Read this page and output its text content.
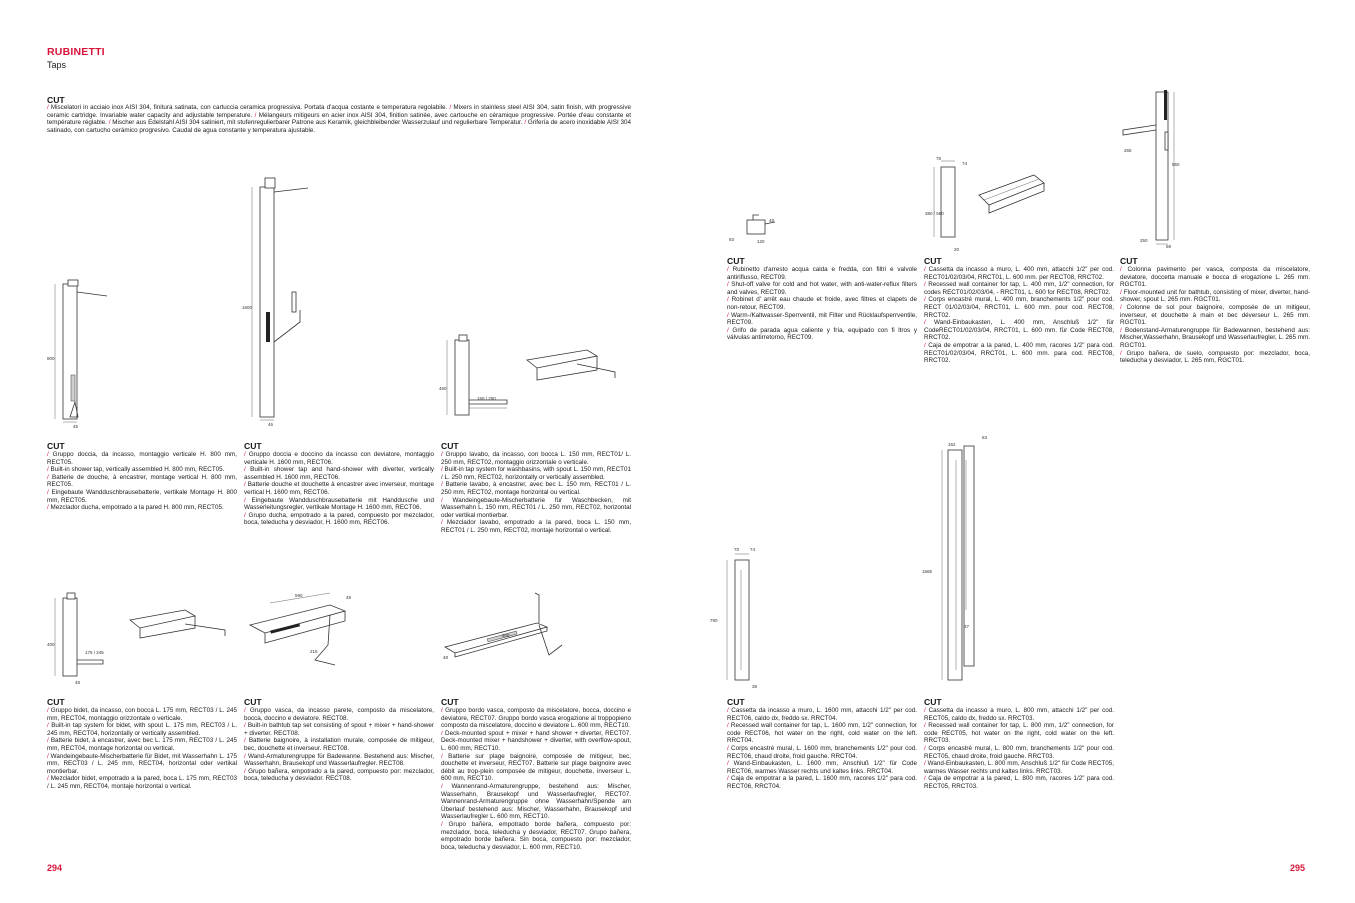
RUBINETTI
Taps
CUT
/ Miscelatori in acciaio inox AISI 304, finitura satinata, con cartuccia ceramica progressiva. Portata d'acqua costante e temperatura regolabile. / Mixers in stainless steel AISI 304, satin finish, with progressive ceramic cartridge. Invariable water capacity and adjustable temperature. / Mélangeurs mitigeurs en acier inox AISI 304, finition satinée, avec cartouche en céramique progressive. Portée d'eau constante et température réglable. / Mischer aus Edelstahl AISI 304 satiniert, mit stufenregulierbarer Patrone aus Keramik, gleichbleibender Wasserzulauf und regulierbare Temperatur. / Grifería de acero inoxidable AISI 304 satinado, con cartucho cerámico progresivo. Caudal de agua constante y temperatura ajustable.
800
45
1600
46
460
150 / 250
400
175 / 245
48
590
215
48
600
48
48
93	120
78
74
380 / 580
20
265
850
250
58
70 74
790
38
63
162
1585
37
CUT
/ Gruppo doccia, da incasso, montaggio verticale H. 800 mm, RECT05.
/ Built-in shower tap, vertically assembled H. 800 mm, RECT05.
/ Batterie de douche, à encastrer, montage vertical H. 800 mm, RECT05.
/ Eingebaute Wandduschbrausebatterie, vertikale Montage H. 800 mm, RECT05.
/ Mezclador ducha, empotrado a la pared H. 800 mm, RECT05.
CUT
/ Gruppo doccia e doccino da incasso con deviatore, montaggio verticale H. 1600 mm, RECT06.
/ Built-in shower tap and hand-shower with diverter, vertically assembled H. 1600 mm, RECT06.
/ Batterie douche et douchette à encastrer avec inverseur, montage vertical H. 1600 mm, RECT06.
/ Eingebaute Wandduschbrausebatterie mit Handdusche und Wasserleitungsregler, vertikale Montage H. 1600 mm, RECT06.
/ Grupo ducha, empotrado a la pared, compuesto por mezclador, boca, teleducha y desviador, H. 1600 mm, RECT06.
CUT
/ Gruppo lavabo, da incasso, con bocca L. 150 mm, RECT01/ L. 250 mm, RECT02, montaggio orizzontale o verticale.
/ Built-in tap system for washbasins, with spout L. 150 mm, RECT01 / L. 250 mm, RECT02, horizontally or vertically assembled.
/ Batterie lavabo, à encastrer, avec bec L. 150 mm, RECT01 / L. 250 mm, RECT02, montage horizontal ou vertical.
/ Wandeingebaute-Mischerbatterie für Waschbecken, mit Wasserhahn L. 150 mm, RECT01 / L. 250 mm, RECT02, horizontal oder vertikal montierbar.
/ Mezclador lavabo, empotrado a la pared, boca L. 150 mm, RECT01 / L. 250 mm, RECT02, montaje horizontal o vertical.
CUT
/ Gruppo bidet, da incasso, con bocca L. 175 mm, RECT03 / L. 245 mm, RECT04, montaggio orizzontale o verticale.
/ Built-in tap system for bidet, with spout L. 175 mm, RECT03 / L. 245 mm, RECT04, horizontally or vertically assembled.
/ Batterie bidet, à encastrer, avec bec L. 175 mm, RECT03 / L. 245 mm, RECT04, montage horizontal ou vertical.
/ Wandeingebaute-Mischerbatterie für Bidet, mit Wasserhahn L. 175 mm, RECT03 / L. 245 mm, RECT04, horizontal oder vertikal montierbar.
/ Mezclador bidet, empotrado a la pared, boca L. 175 mm, RECT03 / L. 245 mm, RECT04, montaje horizontal o vertical.
CUT
/ Gruppo vasca, da incasso parete, composto da miscelatore, bocca, doccino e deviatore. RECT08.
/ Built-in bathtub tap set consisting of spout + mixer + hand-shower + diverter. RECT08.
/ Batterie baignoire, à installation murale, composée de mitigeur, bec, douchette et inverseur. RECT08.
/ Wand-Armaturengruppe für Badewanne. Bestehend aus: Mischer, Wasserhahn, Brausekopf und Wasserlaufregler. RECT08.
/ Grupo bañera, empotrado a la pared, compuesto por: mezclador, boca, teleducha y desviador. RECT08.
CUT
/ Gruppo bordo vasca, composto da miscelatore, bocca, doccino e deviatore, RECT07. Gruppo bordo vasca erogazione al troppopieno composto da miscelatore, doccino e deviatore L. 600 mm, RECT10.
/ Deck-mounted spout + mixer + hand shower + diverter, RECT07. Deck-mounted mixer + handshower + diverter, with overflow-spout, L. 600 mm, RECT10.
/ Batterie sur plage baignoire, composée de mitigeur, bec, douchette et inverseur, RECT07. Batterie sur plage baignoire avec débit au trop-plein composée de mitigeur, douchette, inverseur L. 600 mm, RECT10.
/ Wannenrand-Armaturengruppe, bestehend aus: Mischer, Wasserhahn, Brausekopf und Wasserlaufregler, RECT07. Wannenrand-Armaturengruppe ohne Wasserhahn/Spende am Überlauf bestehend aus: Mischer, Wasserhahn, Brausekopf und Wasserlaufregler L. 600 mm, RECT10.
/ Grupo bañera, empotrado borde bañera, compuesto por: mezclador, boca, teleducha y desviador, RECT07. Grupo bañera, empotrado borde bañera. Sin boca, compuesto por: mezclador, boca, teleducha y desviador, L. 600 mm, RECT10.
CUT
/ Rubinetto d'arresto acqua calda e fredda, con filtri e valvole antiriflusso, RECT09.
/ Shut-off valve for cold and hot water, with anti-water-reflux filters and valves, RECT09.
/ Robinet d' arrêt eau chaude et froide, avec filtres et clapets de non-retour, RECT09.
/ Warm-/Kaltwasser-Sperrventil, mit Filter und Rücklaufsperrventile, RECT09.
/ Grifo de parada agua caliente y fría, equipado con fi ltros y válvulas antirretorno, RECT09.
CUT
/ Cassetta da incasso a muro, L. 400 mm, attacchi 1/2" per cod. RECT01/02/03/04, RRCT01, L. 600 mm. per RECT08, RRCT02.
/ Recessed wall container for tap, L. 400 mm, 1/2" connection, for codes RECT01/02/03/04, - RRCT01, L. 600 for RECT08, RRCT02.
/ Corps encastré mural, L. 400 mm, branchements 1/2" pour cod. RECT 01/02/03/04, RRCT01, L. 600 mm. pour cod. RECT08, RRCT02.
/ Wand-Einbaukasten, L. 400 mm, Anschluß 1/2" für CodeRECT01/02/03/04, RRCT01, L. 600 mm. für Code RECT08, RRCT02.
/ Caja de empotrar a la pared, L. 400 mm, racores 1/2" para cod. RECT01/02/03/04, RRCT01, L. 600 mm. para cod. RECT08, RRCT02.
CUT
/ Colonna pavimento per vasca, composta da miscelatore, deviatore, doccetta manuale e bocca di erogazione L. 265 mm. RGCT01.
/ Floor-mounted unit for bathtub, consisting of mixer, diverter, hand-shower, spout L. 265 mm. RGCT01.
/ Colonne de sol pour baignoire, composée de un mitigeur, inverseur, et douchette à main et bec déverseur L. 265 mm. RGCT01.
/ Bodenstand-Armaturengruppe für Badewannen, bestehend aus: Mischer,Wasserhahn, Brausekopf und Wasserlaufregler, L. 265 mm. RGCT01.
/ Grupo bañera, de suelo, compuesto por: mezclador, boca, teleducha y desviador, L. 265 mm, RGCT01.
CUT
/ Cassetta da incasso a muro, L. 1600 mm, attacchi 1/2" per cod. RECT06, caldo dx, freddo sx. RRCT04.
/ Recessed wall container for tap, L. 1600 mm, 1/2" connection, for code RECT06, hot water on the right, cold water on the left. RRCT04.
/ Corps encastré mural, L. 1600 mm, branchements 1/2" pour cod. RECT06, chaud droite, froid gauche. RRCT04.
/ Wand-Einbaukasten, L. 1600 mm, Anschluß 1/2" für Code RECT06, warmes Wasser rechts und kaltes links. RRCT04.
/ Caja de empotrar a la pared, L. 1600 mm, racores 1/2" para cod. RECT06, RRCT04.
CUT
/ Cassetta da incasso a muro, L. 800 mm, attacchi 1/2" per cod. RECT05, caldo dx, freddo sx. RRCT03.
/ Recessed wall container for tap, L. 800 mm, 1/2" connection, for code RECT05, hot water on the right, cold water on the left. RRCT03.
/ Corps encastré mural, L. 800 mm, branchements 1/2" pour cod. RECT05, chaud droite, froid gauche. RRCT03.
/ Wand-Einbaukasten, L. 800 mm, Anschluß 1/2" für Code RECT05, warmes Wasser rechts und kaltes links. RRCT03.
/ Caja de empotrar a la pared, L. 800 mm, racores 1/2" para cod. RECT05, RRCT03.
294	295
